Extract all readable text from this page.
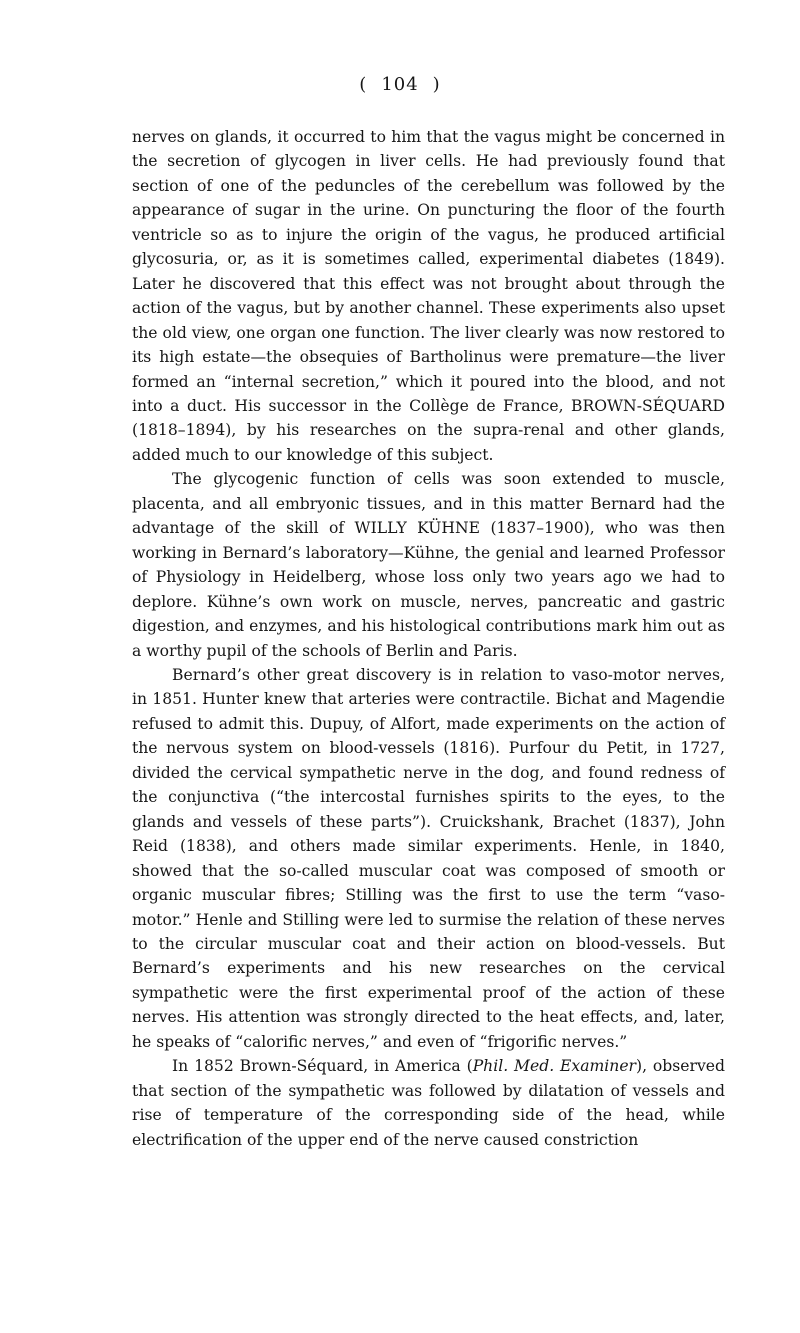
( 104 )

nerves on glands, it occurred to him that the vagus might be concerned in the secretion of glycogen in liver cells. He had previously found that section of one of the peduncles of the cerebellum was followed by the appearance of sugar in the urine. On puncturing the floor of the fourth ventricle so as to injure the origin of the vagus, he produced artificial glycosuria, or, as it is sometimes called, experimental diabetes (1849). Later he discovered that this effect was not brought about through the action of the vagus, but by another channel. These experiments also upset the old view, one organ one function. The liver clearly was now restored to its high estate—the obsequies of Bartholinus were premature—the liver formed an “internal secretion,” which it poured into the blood, and not into a duct. His successor in the Collège de France, BROWN-SÉQUARD (1818–1894), by his researches on the supra-renal and other glands, added much to our knowledge of this subject.

The glycogenic function of cells was soon extended to muscle, placenta, and all embryonic tissues, and in this matter Bernard had the advantage of the skill of WILLY KÜHNE (1837–1900), who was then working in Bernard’s laboratory—Kühne, the genial and learned Professor of Physiology in Heidelberg, whose loss only two years ago we had to deplore. Kühne’s own work on muscle, nerves, pancreatic and gastric digestion, and enzymes, and his histological contributions mark him out as a worthy pupil of the schools of Berlin and Paris.

Bernard’s other great discovery is in relation to vaso-motor nerves, in 1851. Hunter knew that arteries were contractile. Bichat and Magendie refused to admit this. Dupuy, of Alfort, made experiments on the action of the nervous system on blood-vessels (1816). Purfour du Petit, in 1727, divided the cervical sympathetic nerve in the dog, and found redness of the conjunctiva (“the intercostal furnishes spirits to the eyes, to the glands and vessels of these parts”). Cruickshank, Brachet (1837), John Reid (1838), and others made similar experiments. Henle, in 1840, showed that the so-called muscular coat was composed of smooth or organic muscular fibres; Stilling was the first to use the term “vaso-motor.” Henle and Stilling were led to surmise the relation of these nerves to the circular muscular coat and their action on blood-vessels. But Bernard’s experiments and his new researches on the cervical sympathetic were the first experimental proof of the action of these nerves. His attention was strongly directed to the heat effects, and, later, he speaks of “calorific nerves,” and even of “frigorific nerves.”

In 1852 Brown-Séquard, in America (Phil. Med. Examiner), observed that section of the sympathetic was followed by dilatation of vessels and rise of temperature of the corresponding side of the head, while electrification of the upper end of the nerve caused constriction
